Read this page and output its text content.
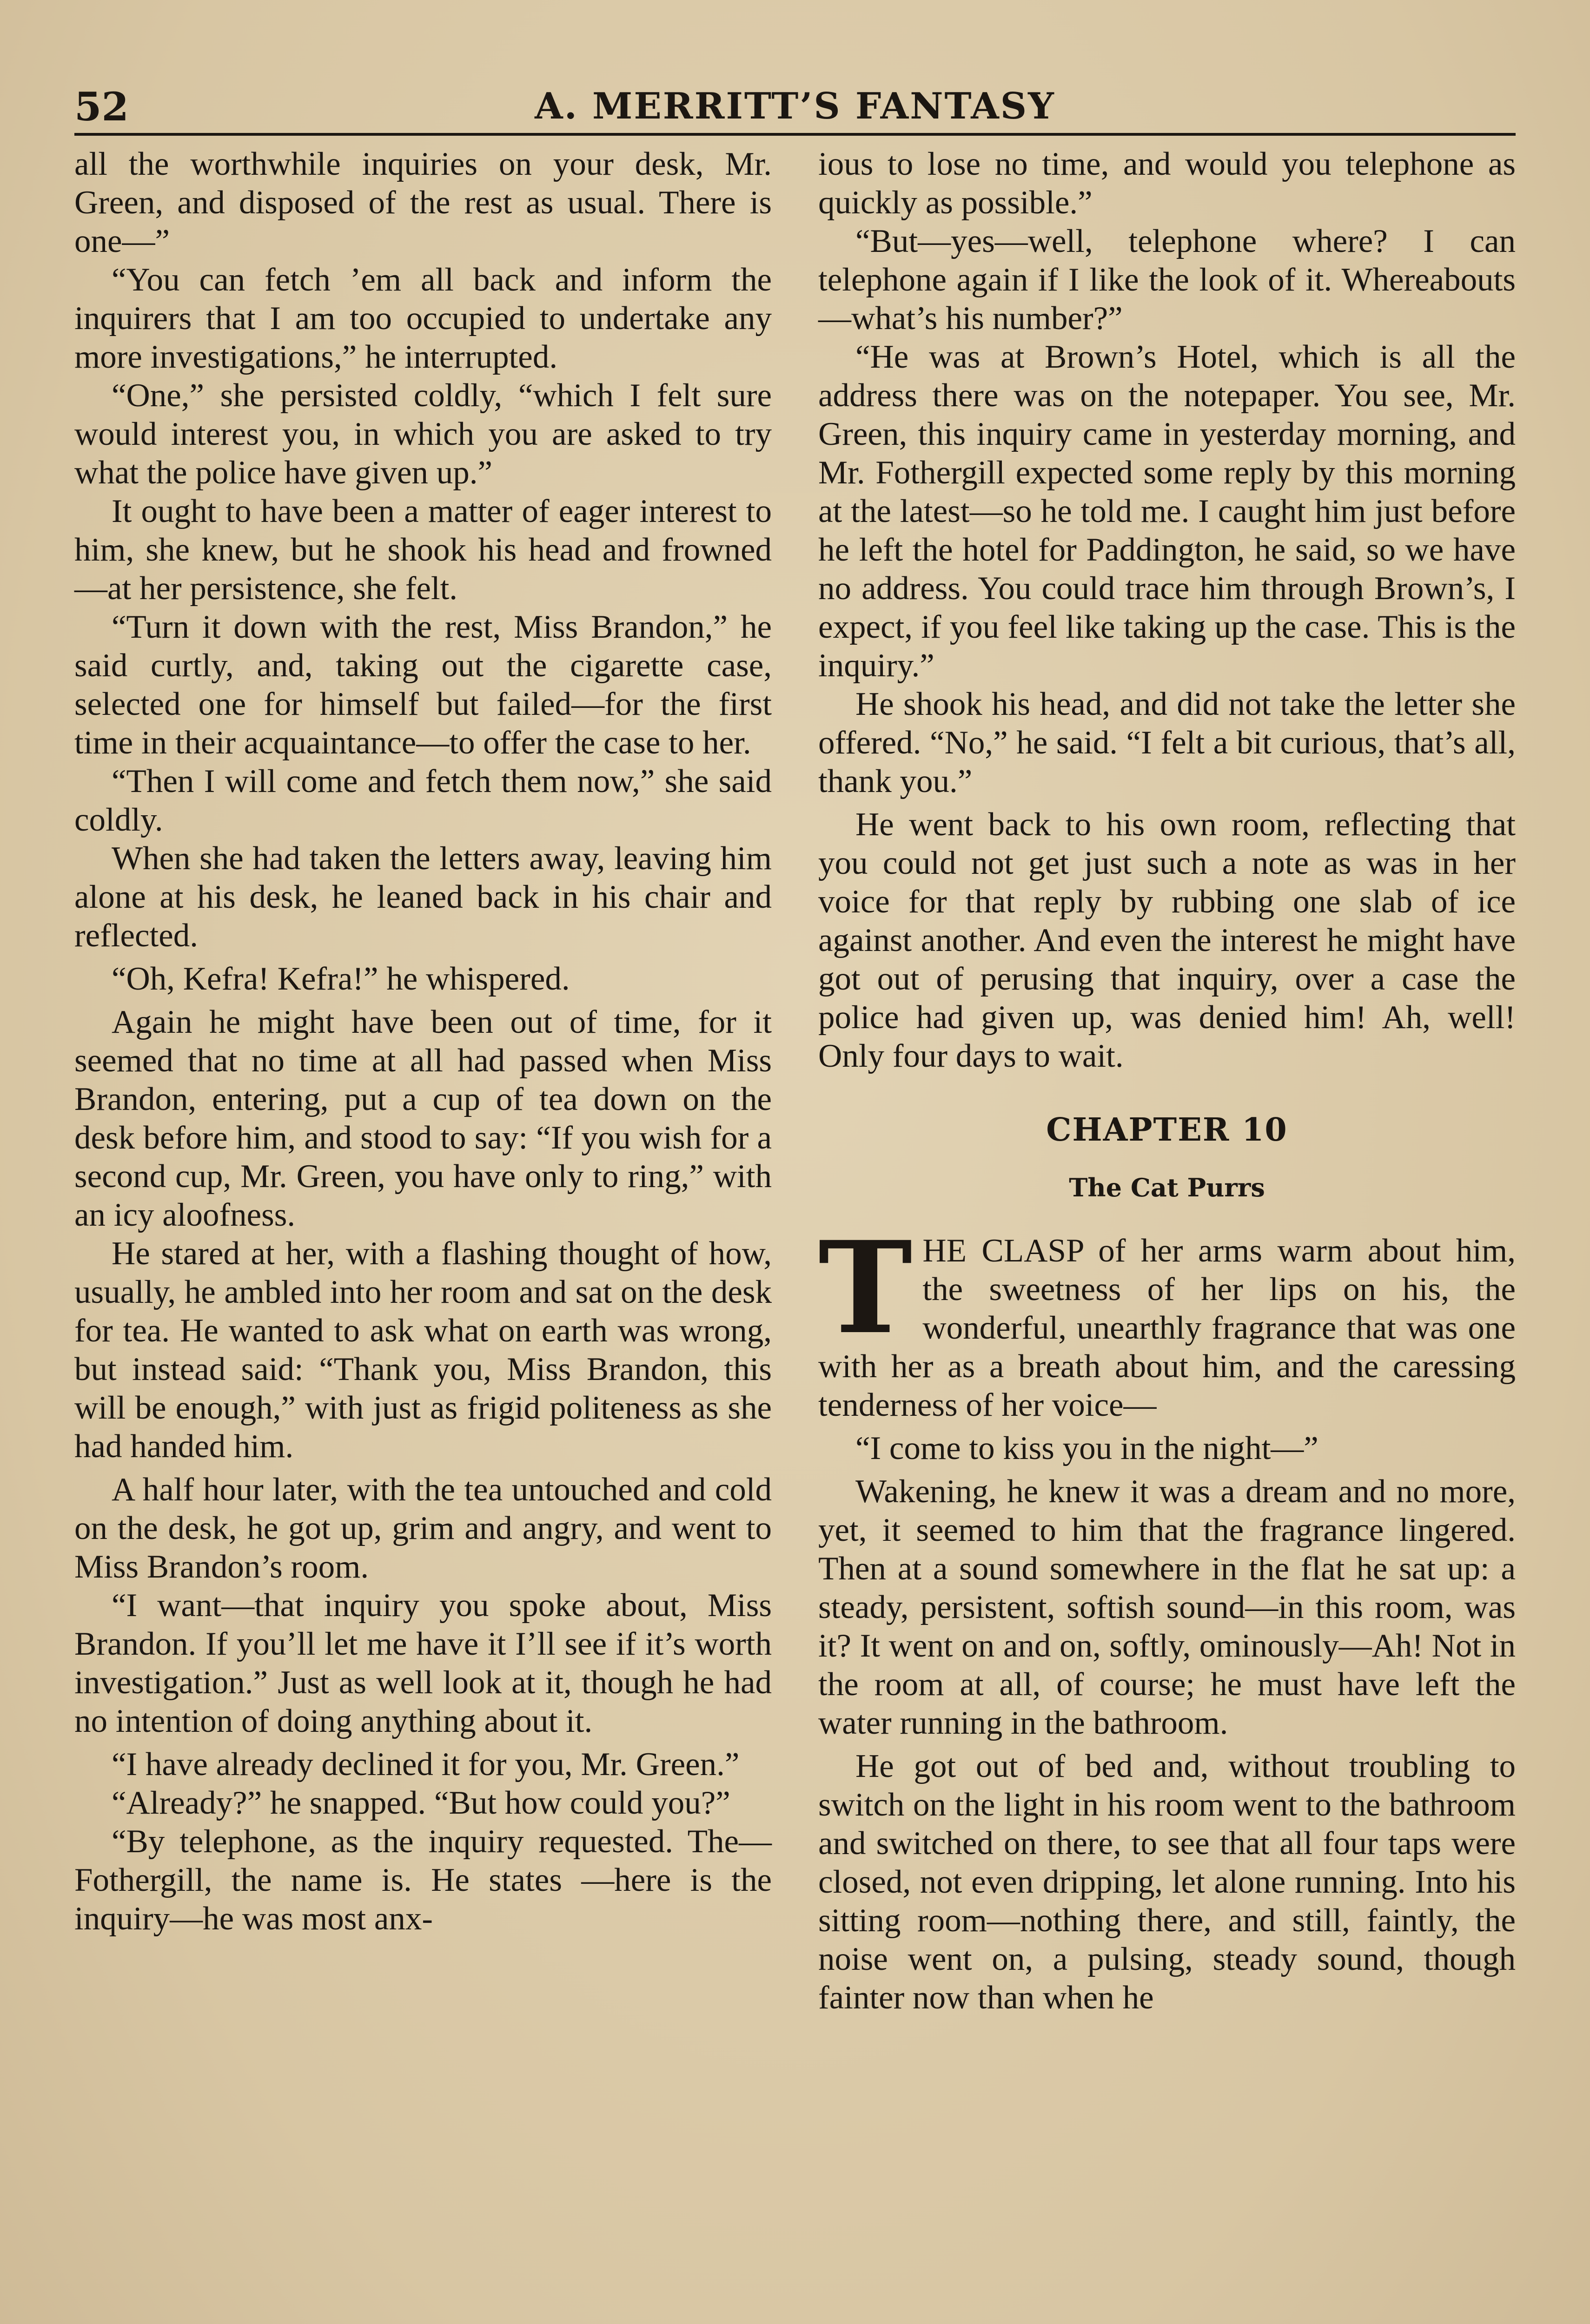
52	A. MERRITT’S FANTASY

all the worthwhile inquiries on your desk, Mr. Green, and disposed of the rest as usual. There is one—”

“You can fetch ’em all back and inform the inquirers that I am too occupied to undertake any more investigations,” he interrupted.

“One,” she persisted coldly, “which I felt sure would interest you, in which you are asked to try what the police have given up.”

It ought to have been a matter of eager interest to him, she knew, but he shook his head and frowned—at her persistence, she felt.

“Turn it down with the rest, Miss Brandon,” he said curtly, and, taking out the cigarette case, selected one for himself but failed—for the first time in their acquaintance—to offer the case to her.

“Then I will come and fetch them now,” she said coldly.

When she had taken the letters away, leaving him alone at his desk, he leaned back in his chair and reflected.

“Oh, Kefra! Kefra!” he whispered.

Again he might have been out of time, for it seemed that no time at all had passed when Miss Brandon, entering, put a cup of tea down on the desk before him, and stood to say: “If you wish for a second cup, Mr. Green, you have only to ring,” with an icy aloofness.

He stared at her, with a flashing thought of how, usually, he ambled into her room and sat on the desk for tea. He wanted to ask what on earth was wrong, but instead said: “Thank you, Miss Brandon, this will be enough,” with just as frigid politeness as she had handed him.

A half hour later, with the tea untouched and cold on the desk, he got up, grim and angry, and went to Miss Brandon’s room.

“I want—that inquiry you spoke about, Miss Brandon. If you’ll let me have it I’ll see if it’s worth investigation.” Just as well look at it, though he had no intention of doing anything about it.

“I have already declined it for you, Mr. Green.”

“Already?” he snapped. “But how could you?”

“By telephone, as the inquiry requested. The—Fothergill, the name is. He states —here is the inquiry—he was most anx-

ious to lose no time, and would you telephone as quickly as possible.”

“But—yes—well, telephone where? I can telephone again if I like the look of it. Whereabouts—what’s his number?”

“He was at Brown’s Hotel, which is all the address there was on the notepaper. You see, Mr. Green, this inquiry came in yesterday morning, and Mr. Fothergill expected some reply by this morning at the latest—so he told me. I caught him just before he left the hotel for Paddington, he said, so we have no address. You could trace him through Brown’s, I expect, if you feel like taking up the case. This is the inquiry.”

He shook his head, and did not take the letter she offered. “No,” he said. “I felt a bit curious, that’s all, thank you.”

He went back to his own room, reflecting that you could not get just such a note as was in her voice for that reply by rubbing one slab of ice against another. And even the interest he might have got out of perusing that inquiry, over a case the police had given up, was denied him! Ah, well! Only four days to wait.

CHAPTER 10
The Cat Purrs

THE CLASP of her arms warm about him, the sweetness of her lips on his, the wonderful, unearthly fragrance that was one with her as a breath about him, and the caressing tenderness of her voice—

“I come to kiss you in the night—”

Wakening, he knew it was a dream and no more, yet, it seemed to him that the fragrance lingered. Then at a sound somewhere in the flat he sat up: a steady, persistent, softish sound—in this room, was it? It went on and on, softly, ominously—Ah! Not in the room at all, of course; he must have left the water running in the bathroom.

He got out of bed and, without troubling to switch on the light in his room went to the bathroom and switched on there, to see that all four taps were closed, not even dripping, let alone running. Into his sitting room—nothing there, and still, faintly, the noise went on, a pulsing, steady sound, though fainter now than when he
